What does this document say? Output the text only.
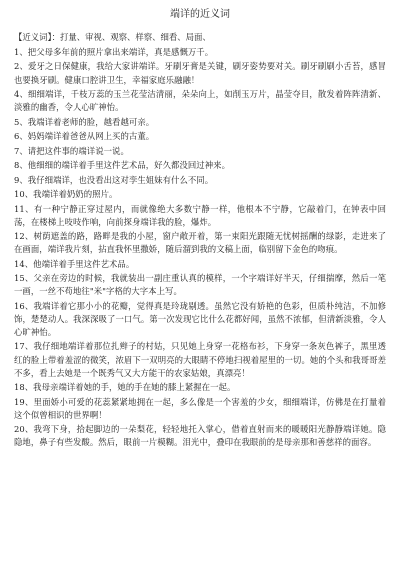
端详的近义词
【近义词】：打量、审视、观察、样察、细看、局面、

1、把父母多年前的照片拿出来端详，真是感慨万千。

2、爱牙之日保健康，我给大家讲端详。牙刷牙膏是关键，刷牙姿势要对关。刷牙刷刷小舌苔，感冒也要换牙刷。健康口腔讲卫生，幸福家庭乐融融！

4、细细端详，千枝万蕊的玉兰花莹洁清丽，朵朵向上，如削玉万片，晶莹夺目，散发着阵阵清新、淡雅的幽香，令人心旷神怡。

5、我端详着老师的脸，越看越可亲。

6、妈妈端详着爸爸从网上买的古董。

7、请把这件事的端详说一说。

8、他细细的端详着手里这件艺术品，好久都没回过神来。

9、我仔细端详，也没看出这对孪生姐妹有什么不同。

10、我端详着奶奶的照片。

11、有一种宁静正穿过屋内，而就像绝大多数宁静一样，他根本不宁静，它敲着门，在钟表中回荡，在楼梯上吱吱作响，向前探身端详我的脸，爆炸。

12、树荫遮盖的路，路畔是我的小屋，窗户敞开着，第一束阳光跟随无忧树摇酬的绿影，走进来了在画面，端详我片刻，拈直我怀里撒娇，随后溜到我的文稿上面，临别留下金色的吻痕。

14、他端详着手里这件艺术品。

15、父亲在旁边的时候，我就装出一副庄重认真的模样，一个字端详好半天，仔细揣摩，然后一笔一画，一丝不苟地往"米"字格的大字本上写。

16、我端详着它那小小的花瓣，觉得真是玲珑剔透。虽然它没有娇艳的色彩，但质朴纯洁，不加修饰，楚楚动人。我深深吸了一口气。第一次发现它比什么花都好闻，虽然不浓郁，但清新淡雅，令人心旷神怡。

17、我仔细地端详着那位扎辫子的村姑，只见她上身穿一花格布衫，下身穿一条灰色裤子，黑里透红的脸上带着羞涩的微笑，浓眉下一双明亮的大眼睛不停地扫视着屋里的一切。她的个头和我哥哥差不多，看上去她是一个既秀气又大方能干的农家姑娘，真漂亮！

18、我母亲端详着她的手，她的手在她的膝上紧握在一起。

19、里面娇小可爱的花蕊紧紧地拥在一起，多么像是一个害羞的少女，细细端详，仿佛是在打量着这个似曾相识的世界啊！

20、我弯下身，拾起脚边的一朵梨花，轻轻地托入掌心，借着直射而来的暖暖阳光静静端详她。隐隐地，鼻子有些发酸。然后，眼前一片模糊。泪光中，叠印在我眼前的是母亲那和善慈祥的面容。
